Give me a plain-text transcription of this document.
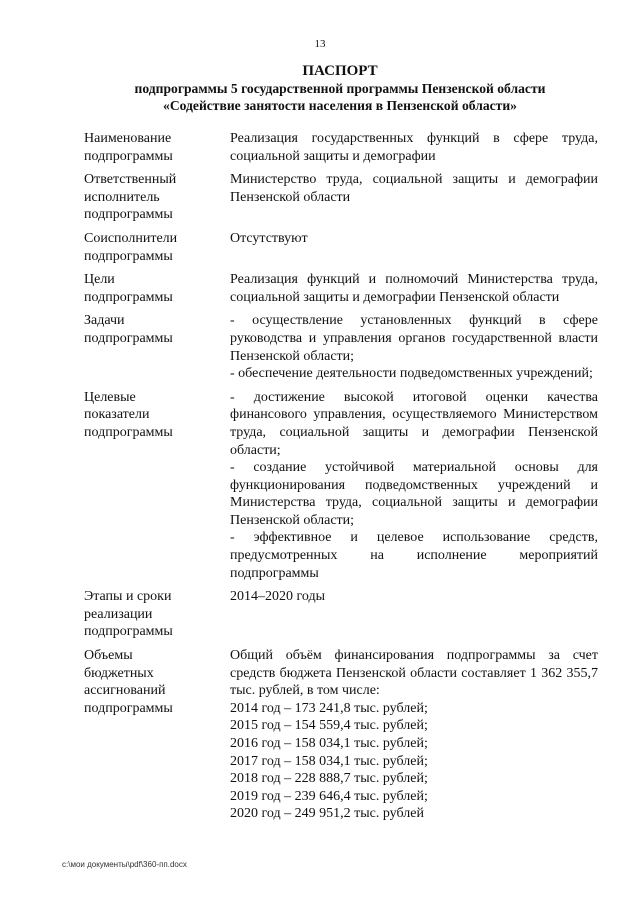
13
ПАСПОРТ
подпрограммы 5 государственной программы Пензенской области
«Содействие занятости населения в Пензенской области»
Наименование
подпрограммы

Реализация государственных функций в сфере труда, социальной защиты и демографии

Ответственный
исполнитель
подпрограммы

Министерство труда, социальной защиты и демографии Пензенской области

Соисполнители
подпрограммы

Отсутствуют

Цели
подпрограммы

Реализация функций и полномочий Министерства труда, социальной защиты и демографии Пензенской области

Задачи
подпрограммы

- осуществление установленных функций в сфере руководства и управления органов государственной власти Пензенской области;

- обеспечение деятельности подведомственных учреждений;

Целевые
показатели
подпрограммы

- достижение высокой итоговой оценки качества финансового управления, осуществляемого Министерством труда, социальной защиты и демографии Пензенской области;

- создание устойчивой материальной основы для функционирования подведомственных учреждений и Министерства труда, социальной защиты и демографии Пензенской области;

- эффективное и целевое использование средств, предусмотренных на исполнение мероприятий подпрограммы

Этапы и сроки
реализации
подпрограммы

2014–2020 годы

Объемы
бюджетных
ассигнований
подпрограммы

Общий объём финансирования подпрограммы за счет средств бюджета Пензенской области составляет 1 362 355,7 тыс. рублей, в том числе:

2014 год – 173 241,8 тыс. рублей;

2015 год – 154 559,4 тыс. рублей;

2016 год – 158 034,1 тыс. рублей;

2017 год – 158 034,1 тыс. рублей;

2018 год – 228 888,7 тыс. рублей;

2019 год – 239 646,4 тыс. рублей;

2020 год – 249 951,2 тыс. рублей

c:\мои документы\pdf\360-пп.docx
